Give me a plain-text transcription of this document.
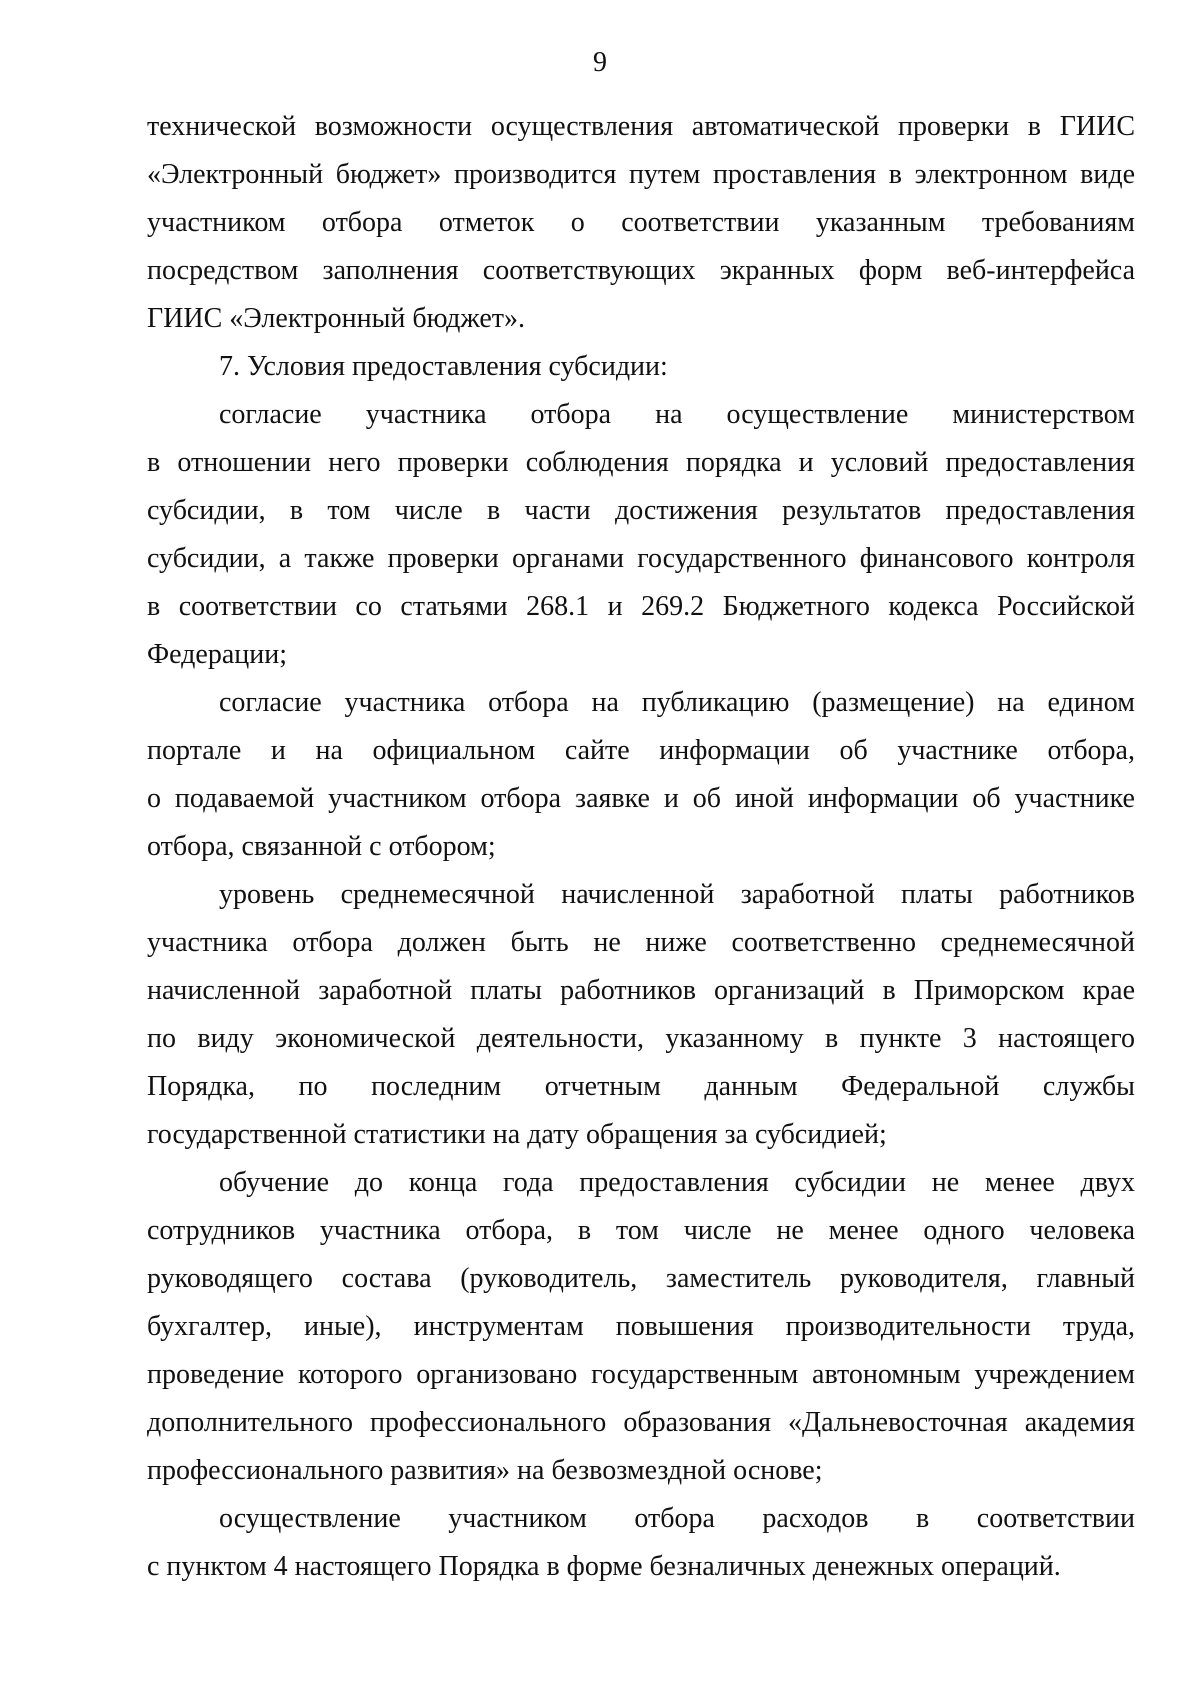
9
технической возможности осуществления автоматической проверки в ГИИС
«Электронный бюджет» производится путем проставления в электронном виде
участником отбора отметок о соответствии указанным требованиям
посредством заполнения соответствующих экранных форм веб-интерфейса
ГИИС «Электронный бюджет».
7. Условия предоставления субсидии:
согласие участника отбора на осуществление министерством
в отношении него проверки соблюдения порядка и условий предоставления
субсидии, в том числе в части достижения результатов предоставления
субсидии, а также проверки органами государственного финансового контроля
в соответствии со статьями 268.1 и 269.2 Бюджетного кодекса Российской
Федерации;
согласие участника отбора на публикацию (размещение) на едином
портале и на официальном сайте информации об участнике отбора,
о подаваемой участником отбора заявке и об иной информации об участнике
отбора, связанной с отбором;
уровень среднемесячной начисленной заработной платы работников
участника отбора должен быть не ниже соответственно среднемесячной
начисленной заработной платы работников организаций в Приморском крае
по виду экономической деятельности, указанному в пункте 3 настоящего
Порядка, по последним отчетным данным Федеральной службы
государственной статистики на дату обращения за субсидией;
обучение до конца года предоставления субсидии не менее двух
сотрудников участника отбора, в том числе не менее одного человека
руководящего состава (руководитель, заместитель руководителя, главный
бухгалтер, иные), инструментам повышения производительности труда,
проведение которого организовано государственным автономным учреждением
дополнительного профессионального образования «Дальневосточная академия
профессионального развития» на безвозмездной основе;
осуществление участником отбора расходов в соответствии
с пунктом 4 настоящего Порядка в форме безналичных денежных операций.
